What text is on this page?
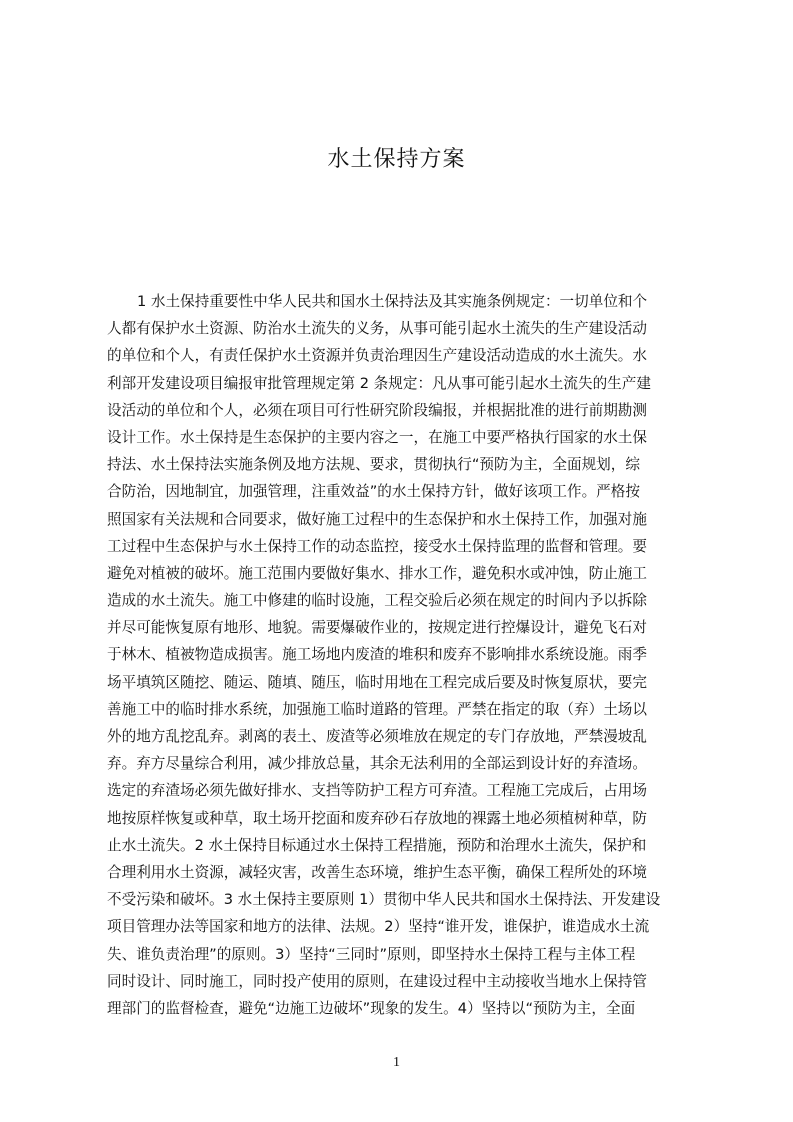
水土保持方案
1 水土保持重要性中华人民共和国水土保持法及其实施条例规定：一切单位和个
人都有保护水土资源、防治水土流失的义务，从事可能引起水土流失的生产建设活动
的单位和个人，有责任保护水土资源并负责治理因生产建设活动造成的水土流失。水
利部开发建设项目编报审批管理规定第 2 条规定：凡从事可能引起水土流失的生产建
设活动的单位和个人，必须在项目可行性研究阶段编报，并根据批准的进行前期勘测
设计工作。水土保持是生态保护的主要内容之一，在施工中要严格执行国家的水土保
持法、水土保持法实施条例及地方法规、要求，贯彻执行“预防为主，全面规划，综
合防治，因地制宜，加强管理，注重效益”的水土保持方针，做好该项工作。严格按
照国家有关法规和合同要求，做好施工过程中的生态保护和水土保持工作，加强对施
工过程中生态保护与水土保持工作的动态监控，接受水土保持监理的监督和管理。要
避免对植被的破坏。施工范围内要做好集水、排水工作，避免积水或冲蚀，防止施工
造成的水土流失。施工中修建的临时设施，工程交验后必须在规定的时间内予以拆除
并尽可能恢复原有地形、地貌。需要爆破作业的，按规定进行控爆设计，避免飞石对
于林木、植被物造成损害。施工场地内废渣的堆积和废弃不影响排水系统设施。雨季
场平填筑区随挖、随运、随填、随压，临时用地在工程完成后要及时恢复原状，要完
善施工中的临时排水系统，加强施工临时道路的管理。严禁在指定的取（弃）土场以
外的地方乱挖乱弃。剥离的表土、废渣等必须堆放在规定的专门存放地，严禁漫坡乱
弃。弃方尽量综合利用，减少排放总量，其余无法利用的全部运到设计好的弃渣场。
选定的弃渣场必须先做好排水、支挡等防护工程方可弃渣。工程施工完成后，占用场
地按原样恢复或种草，取土场开挖面和废弃砂石存放地的裸露土地必须植树种草，防
止水土流失。2 水土保持目标通过水土保持工程措施，预防和治理水土流失，保护和
合理利用水土资源，减轻灾害，改善生态环境，维护生态平衡，确保工程所处的环境
不受污染和破坏。3 水土保持主要原则 1）贯彻中华人民共和国水土保持法、开发建设
项目管理办法等国家和地方的法律、法规。2）坚持“谁开发，谁保护，谁造成水土流
失、谁负责治理”的原则。3）坚持“三同时”原则，即坚持水土保持工程与主体工程
同时设计、同时施工，同时投产使用的原则，在建设过程中主动接收当地水上保持管
理部门的监督检查，避免“边施工边破坏”现象的发生。4）坚持以“预防为主，全面
1
